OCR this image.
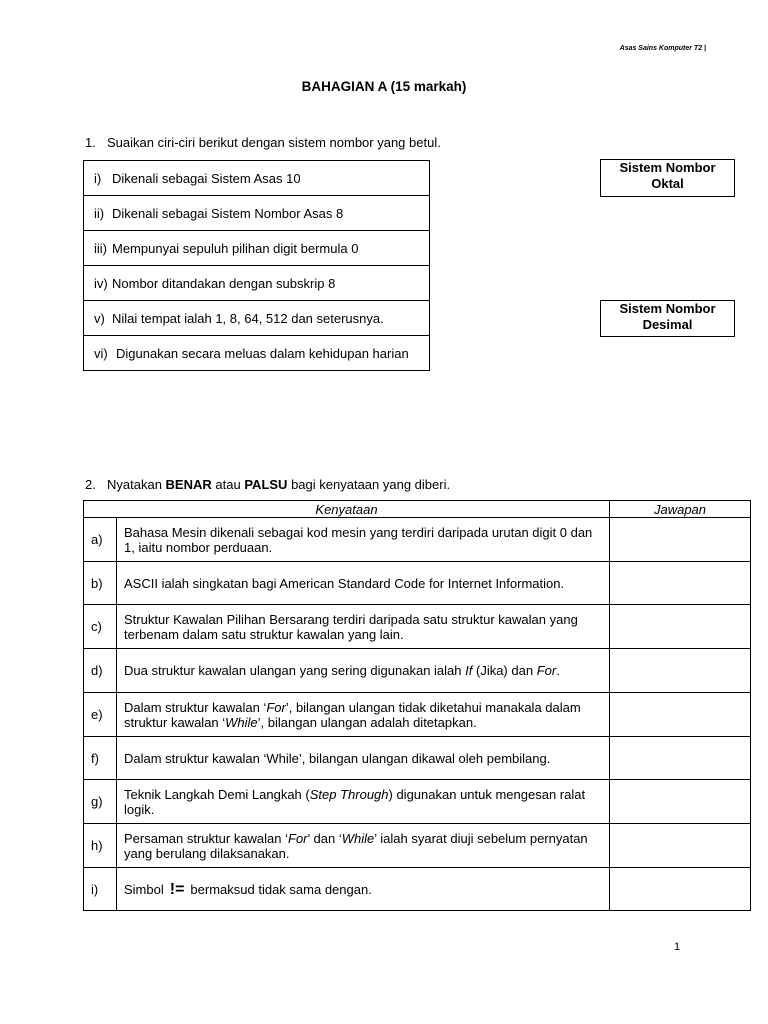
Asas Sains Komputer T2 |
BAHAGIAN A (15 markah)
1. Suaikan ciri-ciri berikut dengan sistem nombor yang betul.
i) Dikenali sebagai Sistem Asas 10

ii) Dikenali sebagai Sistem Nombor Asas 8

iii) Mempunyai sepuluh pilihan digit bermula 0

iv) Nombor ditandakan dengan subskrip 8

v) Nilai tempat ialah 1, 8, 64, 512 dan seterusnya.

vi) Digunakan secara meluas dalam kehidupan harian
Sistem Nombor
Oktal
Sistem Nombor
Desimal
2. Nyatakan BENAR atau PALSU bagi kenyataan yang diberi.
Kenyataan		Jawapan
a)	Bahasa Mesin dikenali sebagai kod mesin yang terdiri daripada urutan digit 0 dan 1, iaitu nombor perduaan.	
b)	ASCII ialah singkatan bagi American Standard Code for Internet Information.	
c)	Struktur Kawalan Pilihan Bersarang terdiri daripada satu struktur kawalan yang terbenam dalam satu struktur kawalan yang lain.	
d)	Dua struktur kawalan ulangan yang sering digunakan ialah If (Jika) dan For.	
e)	Dalam struktur kawalan ‘For’, bilangan ulangan tidak diketahui manakala dalam struktur kawalan ‘While’, bilangan ulangan adalah ditetapkan.	
f)	Dalam struktur kawalan ‘While’, bilangan ulangan dikawal oleh pembilang.	
g)	Teknik Langkah Demi Langkah (Step Through) digunakan untuk mengesan ralat logik.	
h)	Persaman struktur kawalan ‘For’ dan ‘While’ ialah syarat diuji sebelum pernyatan yang berulang dilaksanakan.	
i)	Simbol != bermaksud tidak sama dengan.	
1
